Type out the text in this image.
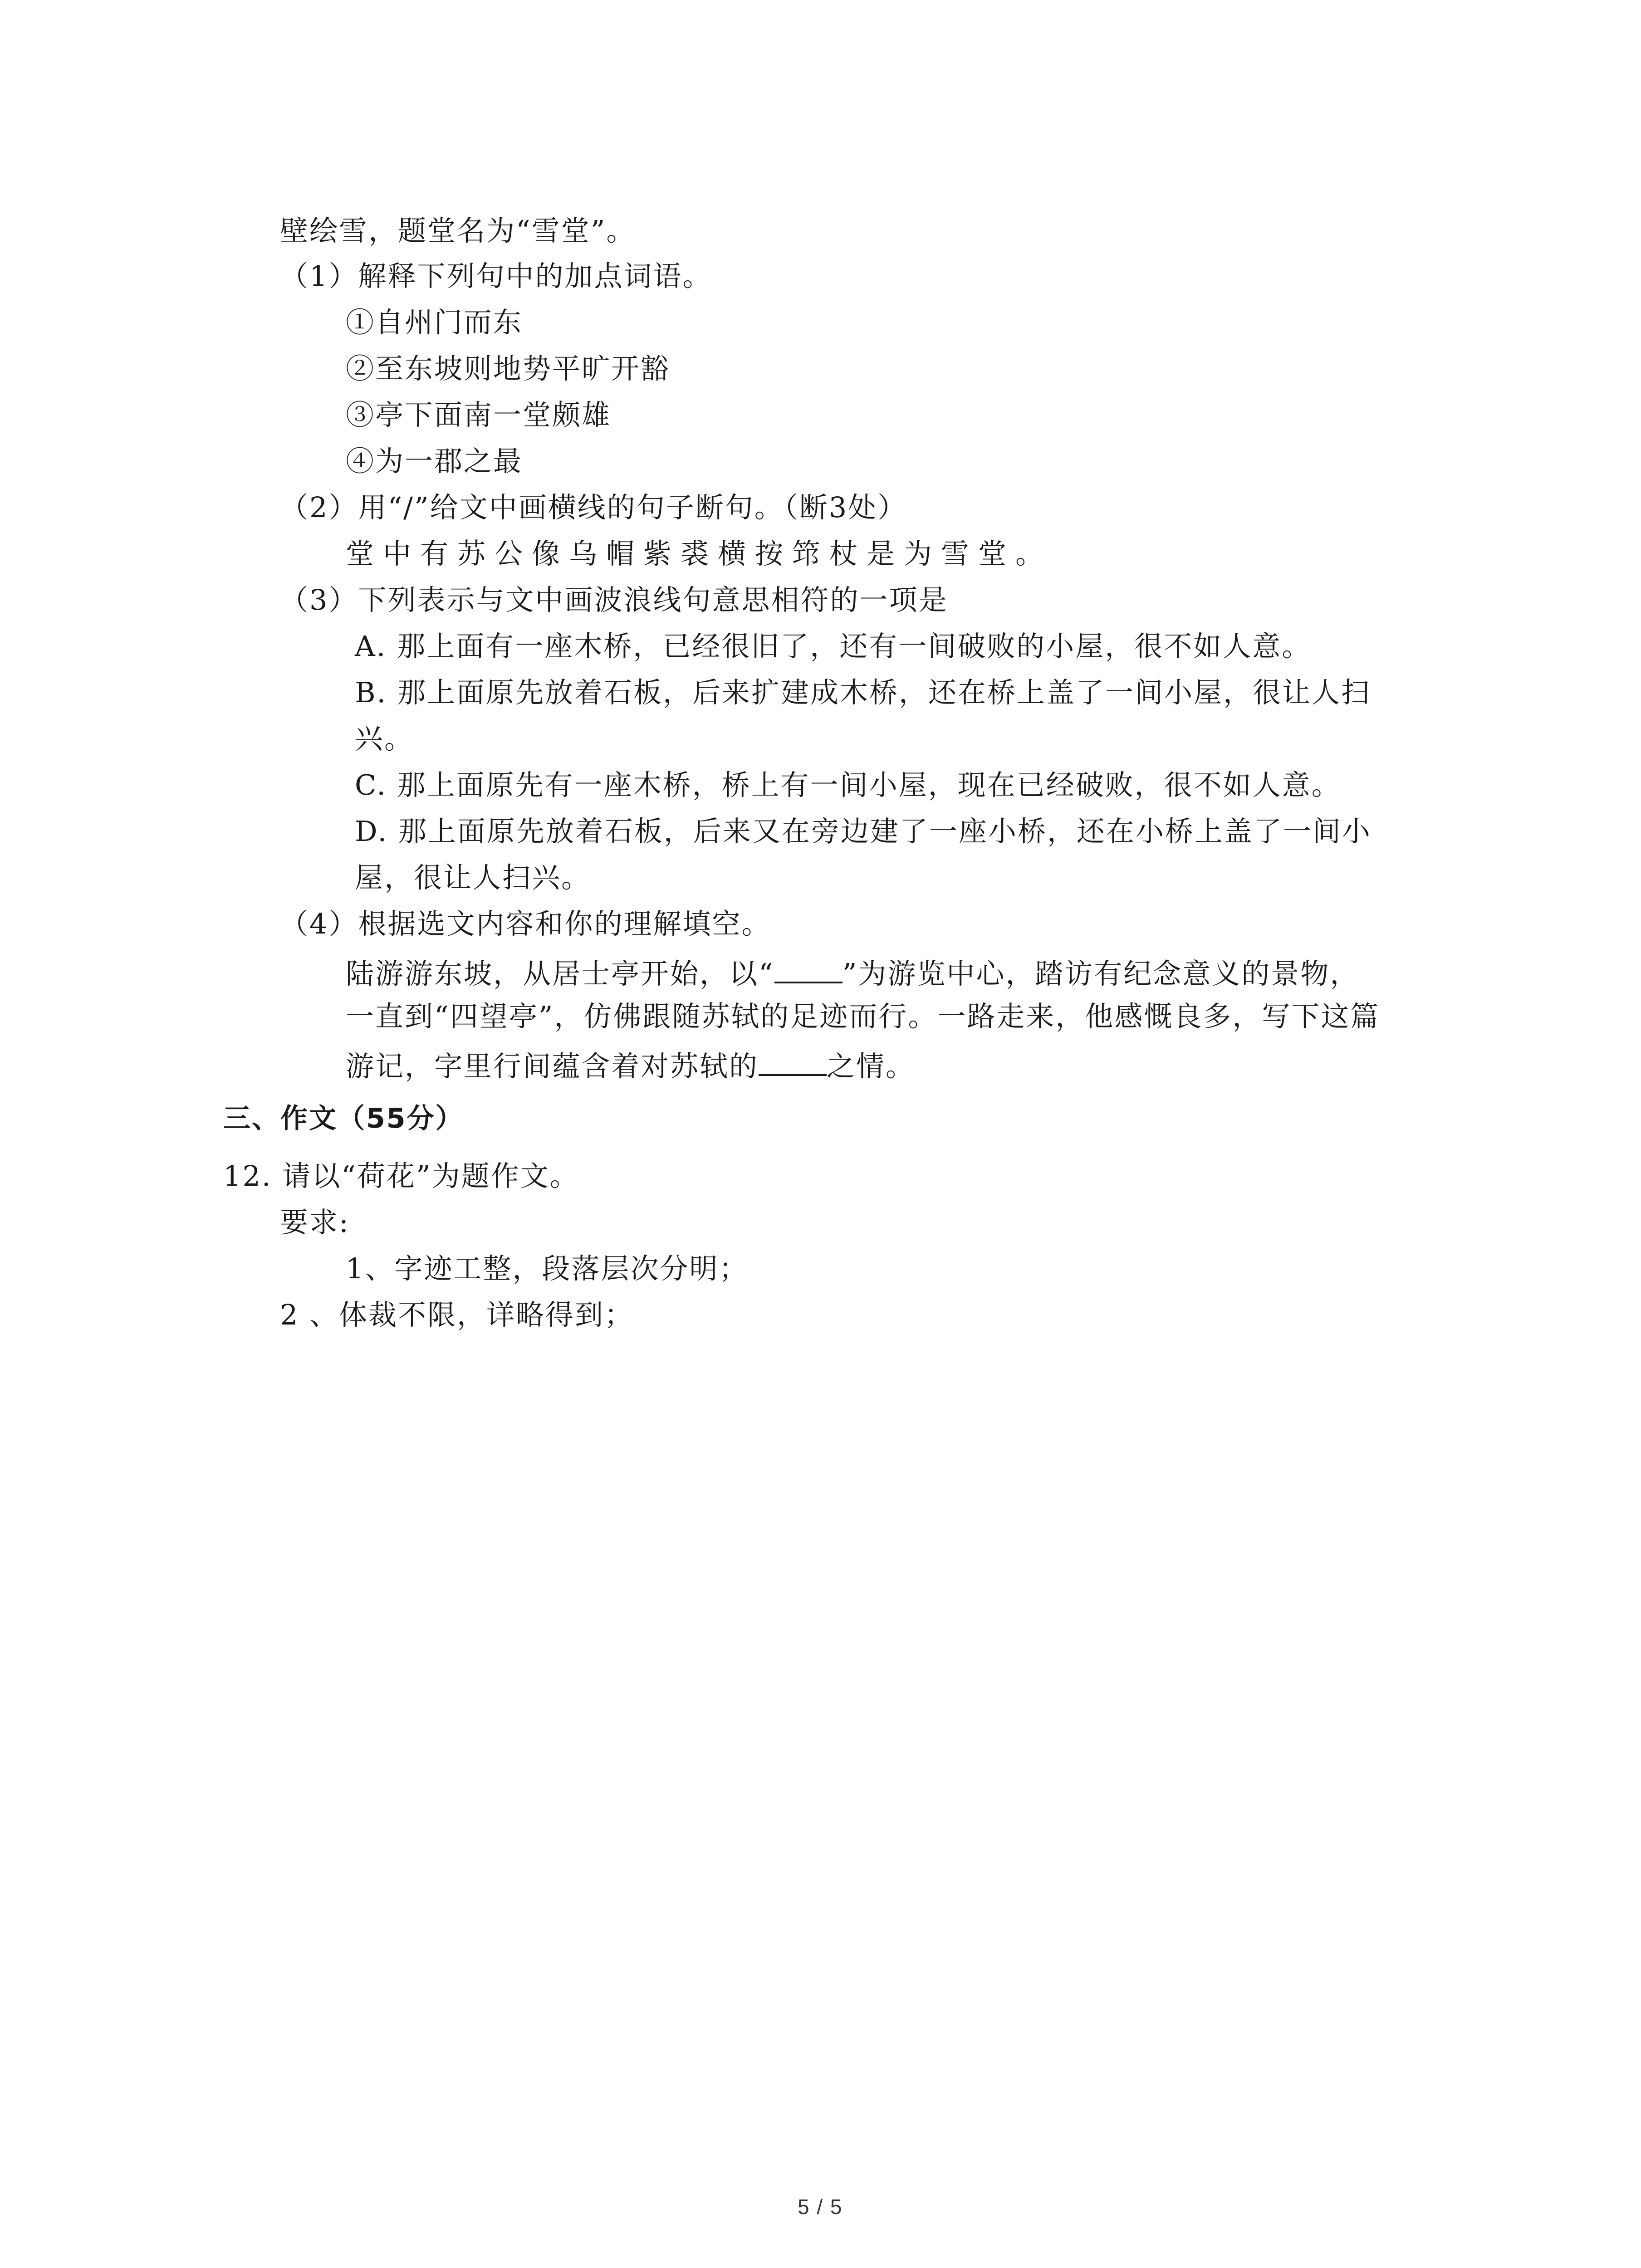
壁绘雪，题堂名为“雪堂”。
（1）解释下列句中的加点词语。
①自州门而东
②至东坡则地势平旷开豁
③亭下面南一堂颇雄
④为一郡之最
（2）用“/”给文中画横线的句子断句。（断3处）
堂中有苏公像乌帽紫裘横按筇杖是为雪堂。
（3）下列表示与文中画波浪线句意思相符的一项是
A. 那上面有一座木桥，已经很旧了，还有一间破败的小屋，很不如人意。
B. 那上面原先放着石板，后来扩建成木桥，还在桥上盖了一间小屋，很让人扫
兴。
C. 那上面原先有一座木桥，桥上有一间小屋，现在已经破败，很不如人意。
D. 那上面原先放着石板，后来又在旁边建了一座小桥，还在小桥上盖了一间小
屋，很让人扫兴。
（4）根据选文内容和你的理解填空。
陆游游东坡，从居士亭开始，以“ ”为游览中心，踏访有纪念意义的景物，
一直到“四望亭”，仿佛跟随苏轼的足迹而行。一路走来，他感慨良多，写下这篇
游记，字里行间蕴含着对苏轼的 之情。
三、作文（55分）
12. 请以“荷花”为题作文。
要求:
1、字迹工整，段落层次分明；
2 、体裁不限，详略得到；
5 / 5
